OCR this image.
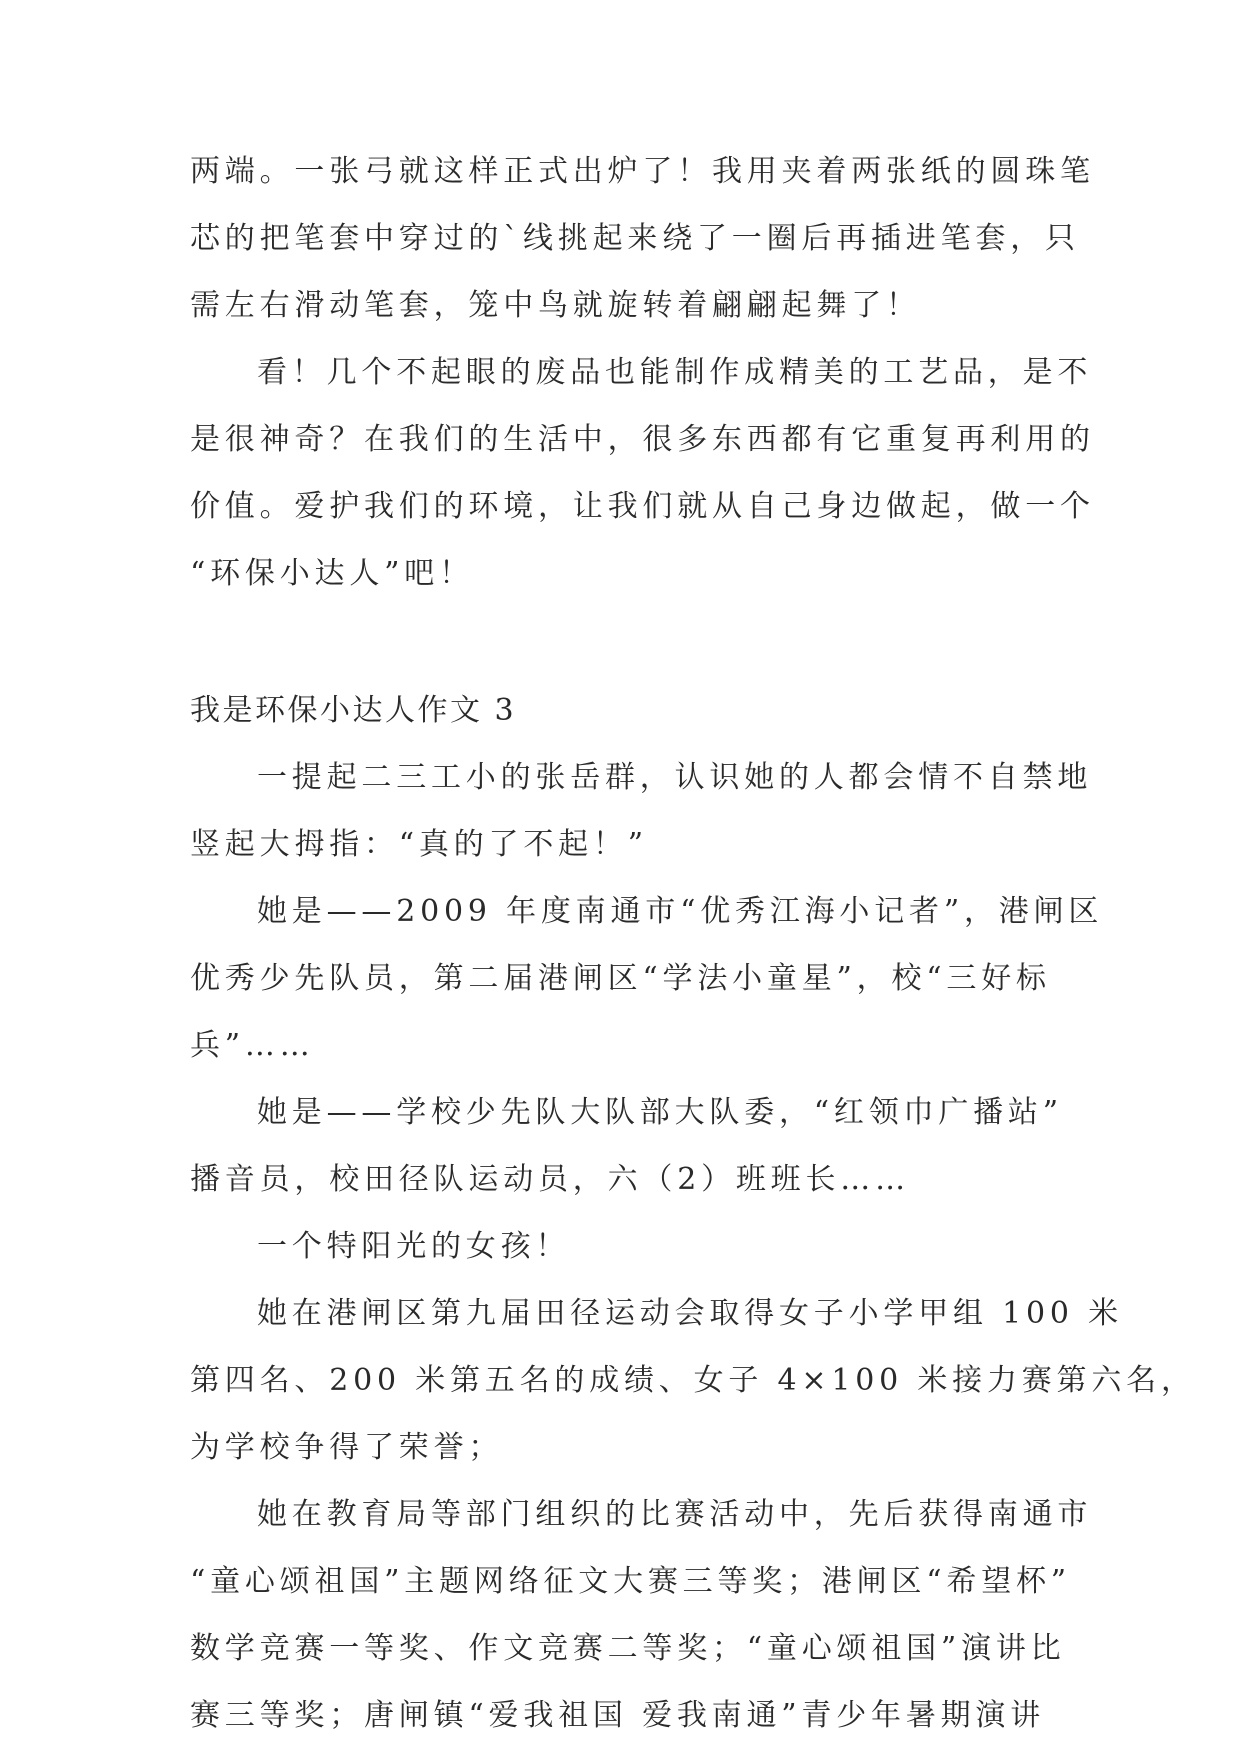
两端。一张弓就这样正式出炉了！我用夹着两张纸的圆珠笔
芯的把笔套中穿过的`线挑起来绕了一圈后再插进笔套，只
需左右滑动笔套，笼中鸟就旋转着翩翩起舞了！
看！几个不起眼的废品也能制作成精美的工艺品，是不
是很神奇？在我们的生活中，很多东西都有它重复再利用的
价值。爱护我们的环境，让我们就从自己身边做起，做一个
“环保小达人”吧！
我是环保小达人作文 3
一提起二三工小的张岳群，认识她的人都会情不自禁地
竖起大拇指：“真的了不起！”
她是——2009 年度南通市“优秀江海小记者”，港闸区
优秀少先队员，第二届港闸区“学法小童星”，校“三好标
兵”……
她是——学校少先队大队部大队委，“红领巾广播站”
播音员，校田径队运动员，六（2）班班长……
一个特阳光的女孩！
她在港闸区第九届田径运动会取得女子小学甲组 100 米
第四名、200 米第五名的成绩、女子 4×100 米接力赛第六名，
为学校争得了荣誉；
她在教育局等部门组织的比赛活动中，先后获得南通市
“童心颂祖国”主题网络征文大赛三等奖；港闸区“希望杯”
数学竞赛一等奖、作文竞赛二等奖；“童心颂祖国”演讲比
赛三等奖；唐闸镇“爱我祖国 爱我南通”青少年暑期演讲
